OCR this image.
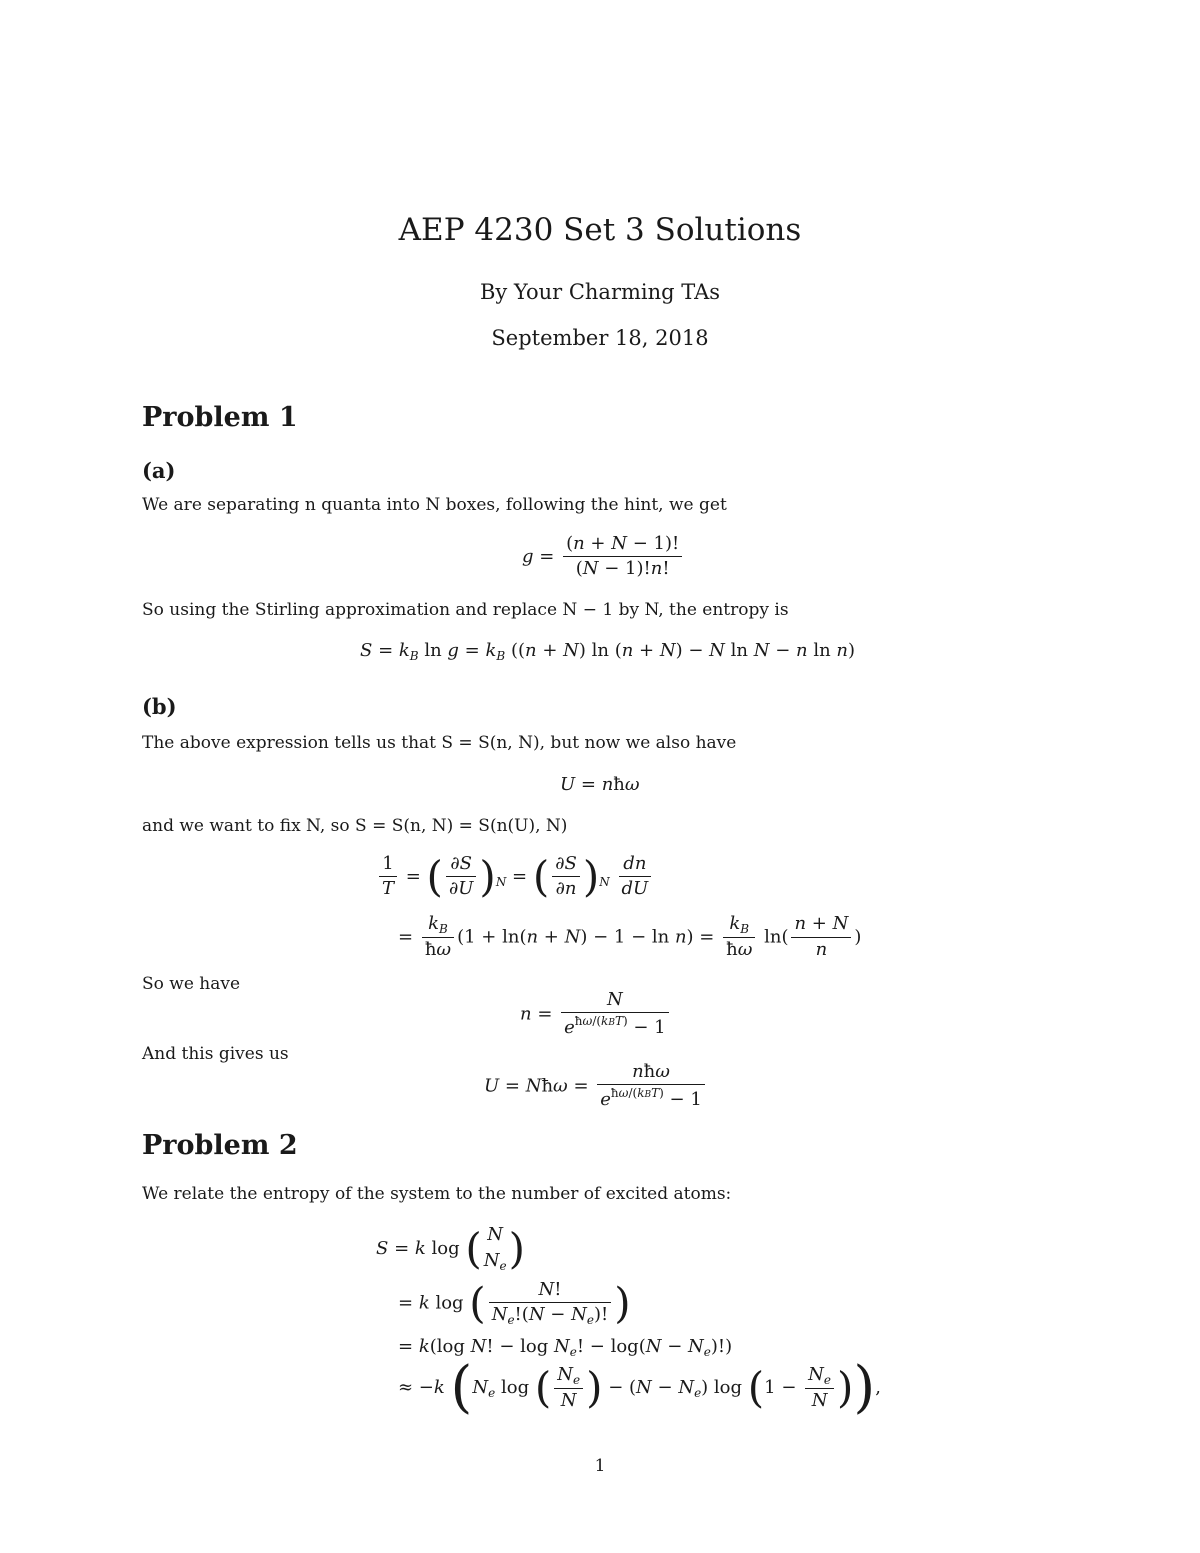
AEP 4230 Set 3 Solutions
By Your Charming TAs
September 18, 2018
Problem 1
(a)
We are separating n quanta into N boxes, following the hint, we get
$g = \frac{(n + N - 1)!}{(N - 1)!n!}$
So using the Stirling approximation and replace N − 1 by N, the entropy is
$S = k_B$ $\ln g = k_B$ ((n + N) ln (n + N) − N ln N − n ln n)
(b)
The above expression tells us that S = S(n, N), but now we also have
U = nħω
and we want to fix N, so S = S(n, N) = S(n(U), N)
$\frac{1}{T}$ = ( $\frac{\partial S}{\partial U} )_N$ = ( $\frac{\partial S}{\partial n} )_N \frac{dn}{dU}$
= $\frac{k_B}{ħ\omega} (1 + \ln(n + N) - 1 - \ln n) = \frac{k_B}{ħ\omega} \ln( \frac{n + N}{n}$ )
So we have
$n = \frac{N}{e^{ħ\omega/(kBT)} - 1}$
And this gives us
U = Nħω = $\frac{\text{nħω}}{e^{ħ\omega/(kBT)} - 1}$
Problem 2
We relate the entropy of the system to the number of excited atoms:
S = k log ( N
$N_e$)
= k log ( $\frac{N!}{N_e!(N - N_e)!}$ )
= k(log N! − $\log N_e$! − $\log(N - N_e)$!)
≈ −k ($N_e$ log ( $\frac{N_e}{N}$ ) − $(N - N_e)$ $\log (1 - \frac{N_e}{N}$ )),
1
